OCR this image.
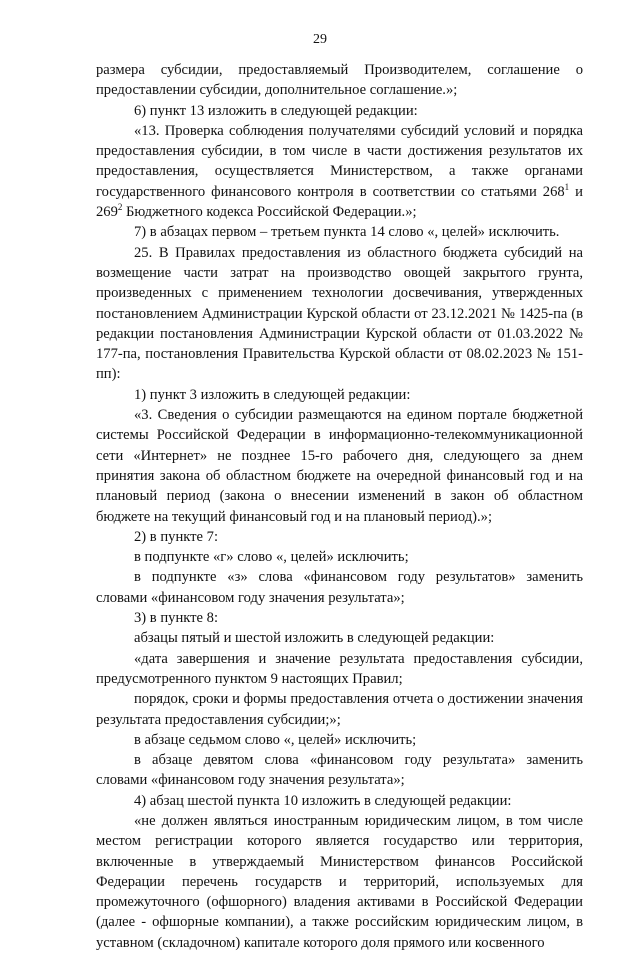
29

размера субсидии, предоставляемый Производителем, соглашение о предоставлении субсидии, дополнительное соглашение.»;

6) пункт 13 изложить в следующей редакции:

«13. Проверка соблюдения получателями субсидий условий и порядка предоставления субсидии, в том числе в части достижения результатов их предоставления, осуществляется Министерством, а также органами государственного финансового контроля в соответствии со статьями $268^1$ и $269^2$ Бюджетного кодекса Российской Федерации.»;

7) в абзацах первом – третьем пункта 14 слово «, целей» исключить.

25. В Правилах предоставления из областного бюджета субсидий на возмещение части затрат на производство овощей закрытого грунта, произведенных с применением технологии досвечивания, утвержденных постановлением Администрации Курской области от 23.12.2021 № 1425-па (в редакции постановления Администрации Курской области от 01.03.2022 № 177-па, постановления Правительства Курской области от 08.02.2023 № 151-пп):

1) пункт 3 изложить в следующей редакции:

«3. Сведения о субсидии размещаются на едином портале бюджетной системы Российской Федерации в информационно-телекоммуникационной сети «Интернет» не позднее 15-го рабочего дня, следующего за днем принятия закона об областном бюджете на очередной финансовый год и на плановый период (закона о внесении изменений в закон об областном бюджете на текущий финансовый год и на плановый период).»;

2) в пункте 7:

в подпункте «г» слово «, целей» исключить;

в подпункте «з» слова «финансовом году результатов» заменить словами «финансовом году значения результата»;

3) в пункте 8:

абзацы пятый и шестой изложить в следующей редакции:

«дата завершения и значение результата предоставления субсидии, предусмотренного пунктом 9 настоящих Правил;

порядок, сроки и формы предоставления отчета о достижении значения результата предоставления субсидии;»;

в абзаце седьмом слово «, целей» исключить;

в абзаце девятом слова «финансовом году результата» заменить словами «финансовом году значения результата»;

4) абзац шестой пункта 10 изложить в следующей редакции:

«не должен являться иностранным юридическим лицом, в том числе местом регистрации которого является государство или территория, включенные в утверждаемый Министерством финансов Российской Федерации перечень государств и территорий, используемых для промежуточного (офшорного) владения активами в Российской Федерации (далее - офшорные компании), а также российским юридическим лицом, в уставном (складочном) капитале которого доля прямого или косвенного
